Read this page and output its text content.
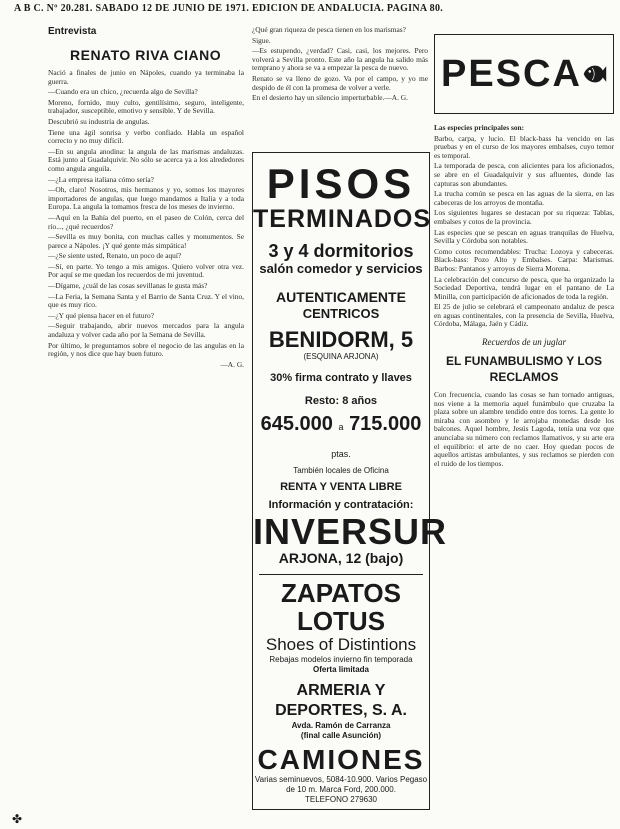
A B C. Nº 20.281. SABADO 12 DE JUNIO DE 1971. EDICION DE ANDALUCIA. PAGINA 80.
Entrevista
RENATO RIVA CIANO

Nació a finales de junio en Nápoles, cuando ya terminaba la guerra.

—Cuando era un chico, ¿recuerda algo de Sevilla?

Moreno, fornido, muy culto, gentilísimo, seguro, inteligente, trabajador, susceptible, emotivo y sensible. Y de Sevilla.

Descubrió su industria de angulas.

Tiene una ágil sonrisa y verbo confiado. Habla un español correcto y no muy difícil.

—En su angula anodina: la angula de las marismas andaluzas. Está junto al Guadalquivir. No sólo se acerca ya a los alrededores como angula anguila.

—¿La empresa italiana cómo sería?

—Oh, claro! Nosotros, mis hermanos y yo, somos los mayores importadores de angulas, que luego mandamos a Italia y a toda Europa. La angula la tomamos fresca de los meses de invierno.

—Aquí en la Bahía del puerto, en el paseo de Colón, cerca del río..., ¿qué recuerdos?

—Sevilla es muy bonita, con muchas calles y monumentos. Se parece a Nápoles. ¡Y qué gente más simpática!

—¿Se siente usted, Renato, un poco de aquí?

—Sí, en parte. Yo tengo a mis amigos. Quiero volver otra vez. Por aquí se me quedan los recuerdos de mi juventud.

—Dígame, ¿cuál de las cosas sevillanas le gusta más?

—La Feria, la Semana Santa y el Barrio de Santa Cruz. Y el vino, que es muy rico.

—¿Y qué piensa hacer en el futuro?

—Seguir trabajando, abrir nuevos mercados para la angula andaluza y volver cada año por la Semana de Sevilla.

Por último, le preguntamos sobre el negocio de las angulas en la región, y nos dice que hay buen futuro.

—A. G.

¿Qué gran riqueza de pesca tienen en los marismas?

Sigue.

—Es estupendo, ¿verdad? Casi, casi, los mejores. Pero volverá a Sevilla pronto. Este año la angula ha salido más temprano y ahora se va a empezar la pesca de nuevo.

Renato se va lleno de gozo. Va por el campo, y yo me despido de él con la promesa de volver a verle.

En el desierto hay un silencio imperturbable.—A. G.

PISOS
TERMINADOS
3 y 4 dormitorios
salón comedor y servicios
AUTENTICAMENTE
CENTRICOS
BENIDORM, 5
(ESQUINA ARJONA)
30% firma contrato y llaves
Resto: 8 años
645.000 a 715.000 ptas.
También locales de Oficina
RENTA Y VENTA LIBRE
Información y contratación:
INVERSUR
ARJONA, 12 (bajo)
ZAPATOS LOTUS
Shoes of Distintions
Rebajas modelos invierno fin temporada
Oferta limitada
ARMERIA Y DEPORTES, S. A.
Avda. Ramón de Carranza
(final calle Asunción)
CAMIONES
Varias seminuevos, 5084-10.900. Varios Pegaso de 10 m. Marca Ford, 200.000.
TELEFONO 279630
PESCA

Las especies principales son:

Barbo, carpa, y lucio. El black-bass ha vencido en las pruebas y en el curso de los mayores embalses, cuyo temor es temporal.

La temporada de pesca, con alicientes para los aficionados, se abre en el Guadalquivir y sus afluentes, donde las capturas son abundantes.

La trucha común se pesca en las aguas de la sierra, en las cabeceras de los arroyos de montaña.

Los siguientes lugares se destacan por su riqueza: Tablas, embalses y cotos de la provincia.

Las especies que se pescan en aguas tranquilas de Huelva, Sevilla y Córdoba son notables.

Como cotos recomendables: Trucha: Lozoya y cabeceras. Black-bass: Pozo Alto y Embalses. Carpa: Marismas. Barbos: Pantanos y arroyos de Sierra Morena.

La celebración del concurso de pesca, que ha organizado la Sociedad Deportiva, tendrá lugar en el pantano de La Minilla, con participación de aficionados de toda la región.

El 25 de julio se celebrará el campeonato andaluz de pesca en aguas continentales, con la presencia de Sevilla, Huelva, Córdoba, Málaga, Jaén y Cádiz.

Recuerdos de un juglar
EL FUNAMBULISMO Y LOS RECLAMOS

Con frecuencia, cuando las cosas se han tornado antiguas, nos viene a la memoria aquel funámbulo que cruzaba la plaza sobre un alambre tendido entre dos torres. La gente lo miraba con asombro y le arrojaba monedas desde los balcones. Aquel hombre, Jesús Lagoda, tenía una voz que anunciaba su número con reclamos llamativos, y su arte era el equilibrio: el arte de no caer. Hoy quedan pocos de aquellos artistas ambulantes, y sus reclamos se pierden con el ruido de los tiempos.

✤
